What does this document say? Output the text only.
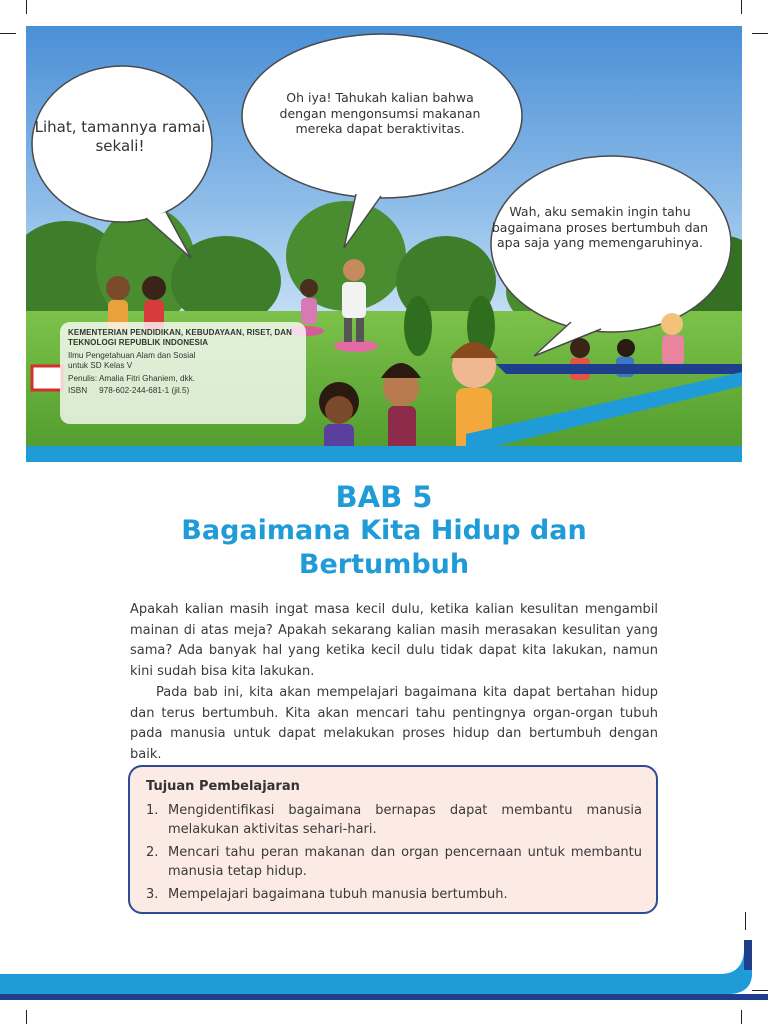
Lihat, tamannya ramai sekali!
Oh iya! Tahukah kalian bahwa dengan mengonsumsi makanan mereka dapat beraktivitas.
Wah, aku semakin ingin tahu bagaimana proses bertumbuh dan apa saja yang memengaruhinya.
KEMENTERIAN PENDIDIKAN, KEBUDAYAAN, RISET, DAN TEKNOLOGI REPUBLIK INDONESIA
Ilmu Pengetahuan Alam dan Sosial
untuk SD Kelas V
Penulis: Amalia Fitri Ghaniem, dkk.
ISBN 978-602-244-681-1 (jil.5)
BAB 5
Bagaimana Kita Hidup dan Bertumbuh

Apakah kalian masih ingat masa kecil dulu, ketika kalian kesulitan mengambil mainan di atas meja? Apakah sekarang kalian masih merasakan kesulitan yang sama? Ada banyak hal yang ketika kecil dulu tidak dapat kita lakukan, namun kini sudah bisa kita lakukan.

Pada bab ini, kita akan mempelajari bagaimana kita dapat bertahan hidup dan terus bertumbuh. Kita akan mencari tahu pentingnya organ-organ tubuh pada manusia untuk dapat melakukan proses hidup dan bertumbuh dengan baik.

Tujuan Pembelajaran
1. Mengidentifikasi bagaimana bernapas dapat membantu manusia melakukan aktivitas sehari-hari.
2. Mencari tahu peran makanan dan organ pencernaan untuk membantu manusia tetap hidup.
3. Mempelajari bagaimana tubuh manusia bertumbuh.
